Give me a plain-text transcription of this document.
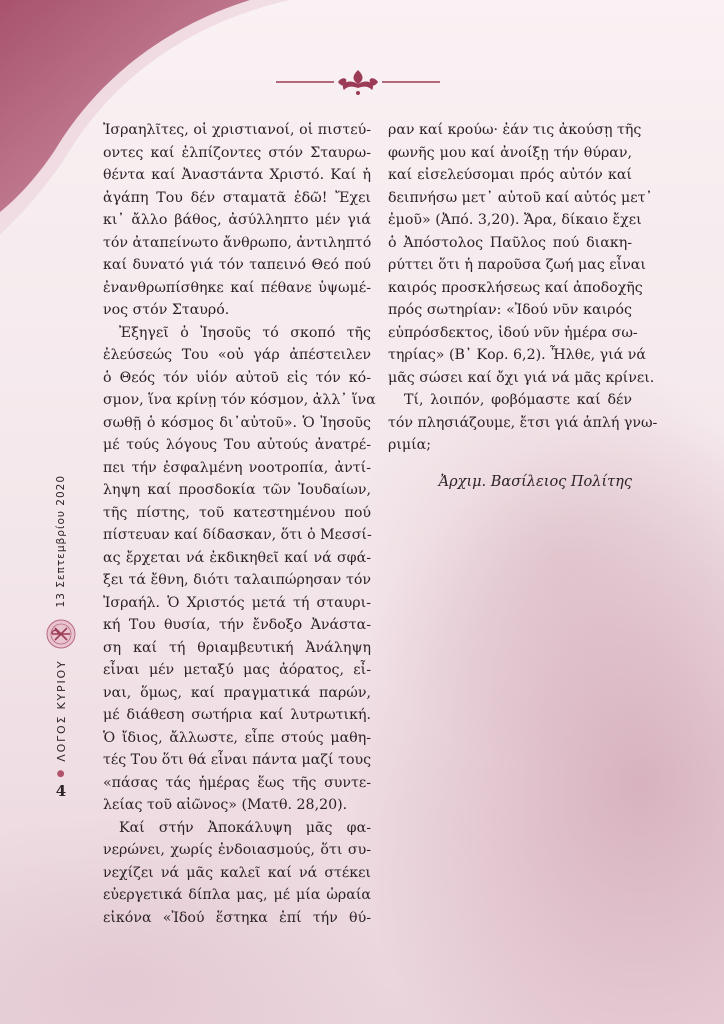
4
●
ΛΟΓΟΣ ΚΥΡΙΟΥ
13 Σεπτεμβρίου 2020
Ἰσραηλῖτες, οἱ χριστιανοί, οἱ πιστεύ-
οντες καί ἐλπίζοντες στόν Σταυρω-
θέντα καί Ἀναστάντα Χριστό. Καί ἡ
ἀγάπη Του δέν σταματᾶ ἐδῶ! Ἔχει
κι᾽ ἄλλο βάθος, ἀσύλληπτο μέν γιά
τόν ἀταπείνωτο ἄνθρωπο, ἀντιληπτό
καί δυνατό γιά τόν ταπεινό Θεό πού
ἐνανθρωπίσθηκε καί πέθανε ὑψωμέ-
νος στόν Σταυρό.
Ἐξηγεῖ ὁ Ἰησοῦς τό σκοπό τῆς
ἐλεύσεώς Του «οὐ γάρ ἀπέστειλεν
ὁ Θεός τόν υἱόν αὐτοῦ εἰς τόν κό-
σμον, ἵνα κρίνῃ τόν κόσμον, ἀλλ᾽ ἵνα
σωθῇ ὁ κόσμος δι᾽αὐτοῦ». Ὁ Ἰησοῦς
μέ τούς λόγους Του αὐτούς ἀνατρέ-
πει τήν ἐσφαλμένη νοοτροπία, ἀντί-
ληψη καί προσδοκία τῶν Ἰουδαίων,
τῆς πίστης, τοῦ κατεστημένου πού
πίστευαν καί δίδασκαν, ὅτι ὁ Μεσσί-
ας ἔρχεται νά ἐκδικηθεῖ καί νά σφά-
ξει τά ἔθνη, διότι ταλαιπώρησαν τόν
Ἰσραήλ. Ὁ Χριστός μετά τή σταυρι-
κή Του θυσία, τήν ἔνδοξο Ἀνάστα-
ση καί τή θριαμβευτική Ἀνάληψη
εἶναι μέν μεταξύ μας ἀόρατος, εἶ-
ναι, ὅμως, καί πραγματικά παρών,
μέ διάθεση σωτήρια καί λυτρωτική.
Ὁ ἴδιος, ἄλλωστε, εἶπε στούς μαθη-
τές Του ὅτι θά εἶναι πάντα μαζί τους
«πάσας τάς ἡμέρας ἕως τῆς συντε-
λείας τοῦ αἰῶνος» (Ματθ. 28,20).
Καί στήν Ἀποκάλυψη μᾶς φα-
νερώνει, χωρίς ἐνδοιασμούς, ὅτι συ-
νεχίζει νά μᾶς καλεῖ καί νά στέκει
εὐεργετικά δίπλα μας, μέ μία ὡραία
εἰκόνα «Ἰδού ἕστηκα ἐπί τήν θύ-
ραν καί κρούω· ἐάν τις ἀκούσῃ τῆς
φωνῆς μου καί ἀνοίξῃ τήν θύραν,
καί εἰσελεύσομαι πρός αὐτόν καί
δειπνήσω μετ᾽ αὐτοῦ καί αὐτός μετ᾽
ἐμοῦ» (Ἀπό. 3,20). Ἄρα, δίκαιο ἔχει
ὁ Ἀπόστολος Παῦλος πού διακη-
ρύττει ὅτι ἡ παροῦσα ζωή μας εἶναι
καιρός προσκλήσεως καί ἀποδοχῆς
πρός σωτηρίαν: «Ἰδού νῦν καιρός
εὐπρόσδεκτος, ἰδού νῦν ἡμέρα σω-
τηρίας» (Β᾽ Κορ. 6,2). Ἦλθε, γιά νά
μᾶς σώσει καί ὄχι γιά νά μᾶς κρίνει.
Τί, λοιπόν, φοβόμαστε καί δέν
τόν πλησιάζουμε, ἔτσι γιά ἁπλή γνω-
ριμία;
Ἀρχιμ. Βασίλειος Πολίτης
